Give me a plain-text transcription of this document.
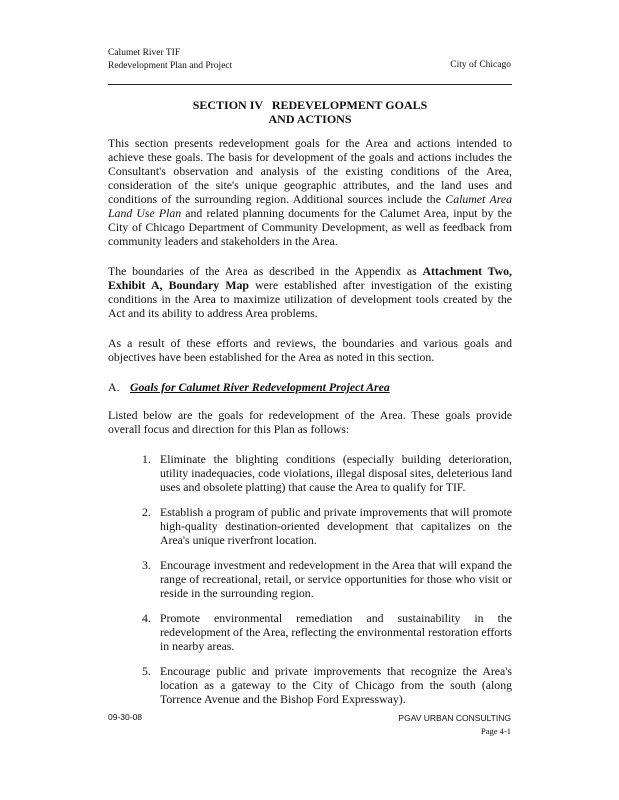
Calumet River TIF
Redevelopment Plan and Project	City of Chicago
SECTION IV   REDEVELOPMENT GOALS
AND ACTIONS

This section presents redevelopment goals for the Area and actions intended to achieve these goals. The basis for development of the goals and actions includes the Consultant's observation and analysis of the existing conditions of the Area, consideration of the site's unique geographic attributes, and the land uses and conditions of the surrounding region. Additional sources include the Calumet Area Land Use Plan and related planning documents for the Calumet Area, input by the City of Chicago Department of Community Development, as well as feedback from community leaders and stakeholders in the Area.

The boundaries of the Area as described in the Appendix as Attachment Two, Exhibit A, Boundary Map were established after investigation of the existing conditions in the Area to maximize utilization of development tools created by the Act and its ability to address Area problems.

As a result of these efforts and reviews, the boundaries and various goals and objectives have been established for the Area as noted in this section.

A. Goals for Calumet River Redevelopment Project Area

Listed below are the goals for redevelopment of the Area. These goals provide overall focus and direction for this Plan as follows:

1. Eliminate the blighting conditions (especially building deterioration, utility inadequacies, code violations, illegal disposal sites, deleterious land uses and obsolete platting) that cause the Area to qualify for TIF.
2. Establish a program of public and private improvements that will promote high-quality destination-oriented development that capitalizes on the Area's unique riverfront location.
3. Encourage investment and redevelopment in the Area that will expand the range of recreational, retail, or service opportunities for those who visit or reside in the surrounding region.
4. Promote environmental remediation and sustainability in the redevelopment of the Area, reflecting the environmental restoration efforts in nearby areas.
5. Encourage public and private improvements that recognize the Area's location as a gateway to the City of Chicago from the south (along Torrence Avenue and the Bishop Ford Expressway).
09-30-08	PGAV URBAN CONSULTING
Page 4-1
